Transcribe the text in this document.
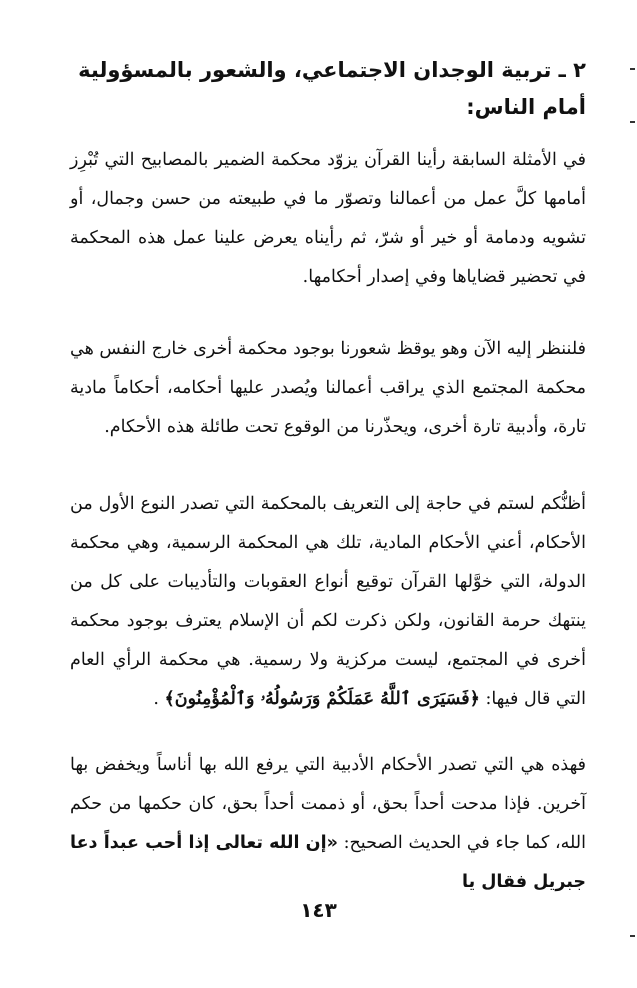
٢ ـ تربية الوجدان الاجتماعي، والشعور بالمسؤولية أمام الناس:

في الأمثلة السابقة رأينا القرآن يزوّد محكمة الضمير بالمصابيح التي تُبْرِز أمامها كلَّ عمل من أعمالنا وتصوّر ما في طبيعته من حسن وجمال، أو تشويه ودمامة أو خير أو شرّ، ثم رأيناه يعرض علينا عمل هذه المحكمة في تحضير قضاياها وفي إصدار أحكامها.

فلننظر إليه الآن وهو يوقظ شعورنا بوجود محكمة أخرى خارج النفس هي محكمة المجتمع الذي يراقب أعمالنا ويُصدر عليها أحكامه، أحكاماً مادية تارة، وأدبية تارة أخرى، ويحذّرنا من الوقوع تحت طائلة هذه الأحكام.

أظنُّكم لستم في حاجة إلى التعريف بالمحكمة التي تصدر النوع الأول من الأحكام، أعني الأحكام المادية، تلك هي المحكمة الرسمية، وهي محكمة الدولة، التي خوَّلها القرآن توقيع أنواع العقوبات والتأديبات على كل من ينتهك حرمة القانون، ولكن ذكرت لكم أن الإسلام يعترف بوجود محكمة أخرى في المجتمع، ليست مركزية ولا رسمية. هي محكمة الرأي العام التي قال فيها: ﴿فَسَيَرَى ٱللَّهُ عَمَلَكُمْ وَرَسُولُهُۥ وَٱلْمُؤْمِنُونَ﴾ .

فهذه هي التي تصدر الأحكام الأدبية التي يرفع الله بها أناساً ويخفض بها آخرين. فإذا مدحت أحداً بحق، أو ذممت أحداً بحق، كان حكمها من حكم الله، كما جاء في الحديث الصحيح: «إن الله تعالى إذا أحب عبداً دعا جبريل فقال يا

١٤٣
